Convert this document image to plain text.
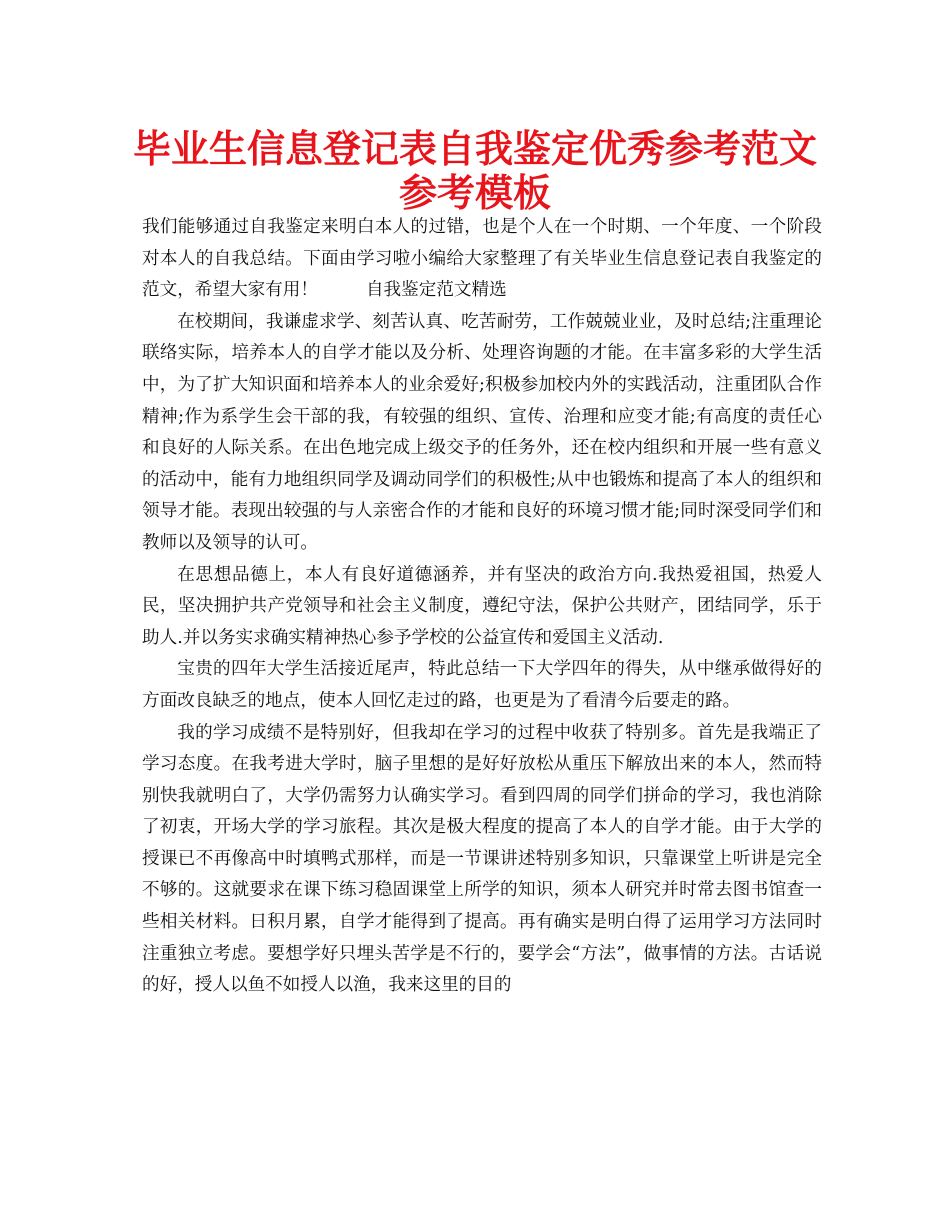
毕业生信息登记表自我鉴定优秀参考范文
参考模板

我们能够通过自我鉴定来明白本人的过错，也是个人在一个时期、一个年度、一个阶段对本人的自我总结。下面由学习啦小编给大家整理了有关毕业生信息登记表自我鉴定的范文，希望大家有用！	自我鉴定范文精选

在校期间，我谦虚求学、刻苦认真、吃苦耐劳，工作兢兢业业，及时总结;注重理论联络实际，培养本人的自学才能以及分析、处理咨询题的才能。在丰富多彩的大学生活中，为了扩大知识面和培养本人的业余爱好;积极参加校内外的实践活动，注重团队合作精神;作为系学生会干部的我，有较强的组织、宣传、治理和应变才能;有高度的责任心和良好的人际关系。在出色地完成上级交予的任务外，还在校内组织和开展一些有意义的活动中，能有力地组织同学及调动同学们的积极性;从中也锻炼和提高了本人的组织和领导才能。表现出较强的与人亲密合作的才能和良好的环境习惯才能;同时深受同学们和教师以及领导的认可。

在思想品德上，本人有良好道德涵养，并有坚决的政治方向.我热爱祖国，热爱人民，坚决拥护共产党领导和社会主义制度，遵纪守法，保护公共财产，团结同学，乐于助人.并以务实求确实精神热心参予学校的公益宣传和爱国主义活动.

宝贵的四年大学生活接近尾声，特此总结一下大学四年的得失，从中继承做得好的方面改良缺乏的地点，使本人回忆走过的路，也更是为了看清今后要走的路。

我的学习成绩不是特别好，但我却在学习的过程中收获了特别多。首先是我端正了学习态度。在我考进大学时，脑子里想的是好好放松从重压下解放出来的本人，然而特别快我就明白了，大学仍需努力认确实学习。看到四周的同学们拼命的学习，我也消除了初衷，开场大学的学习旅程。其次是极大程度的提高了本人的自学才能。由于大学的授课已不再像高中时填鸭式那样，而是一节课讲述特别多知识，只靠课堂上听讲是完全不够的。这就要求在课下练习稳固课堂上所学的知识，须本人研究并时常去图书馆查一些相关材料。日积月累，自学才能得到了提高。再有确实是明白得了运用学习方法同时注重独立考虑。要想学好只埋头苦学是不行的，要学会“方法”，做事情的方法。古话说的好，授人以鱼不如授人以渔，我来这里的目的
